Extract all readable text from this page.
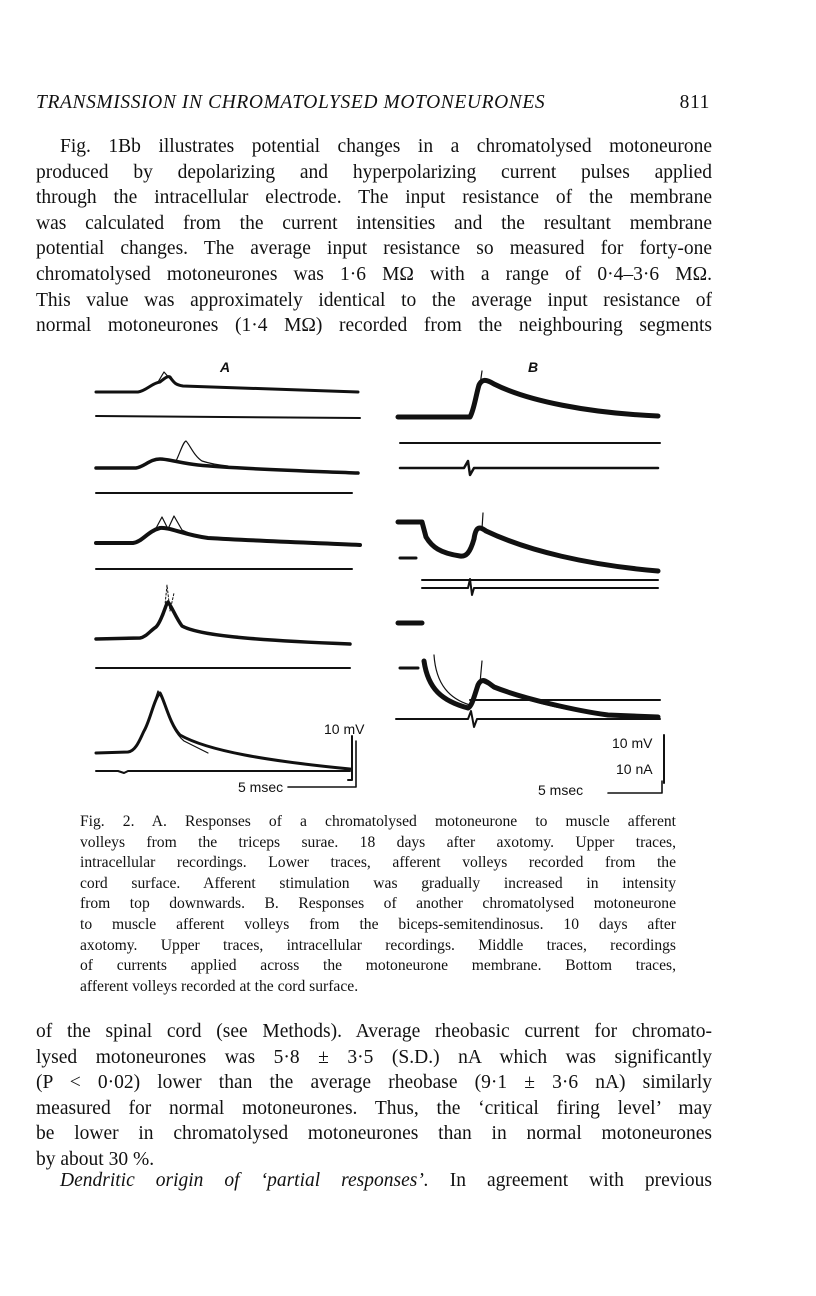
TRANSMISSION IN CHROMATOLYSED MOTONEURONES	811
Fig. 1Bb illustrates potential changes in a chromatolysed motoneurone
produced by depolarizing and hyperpolarizing current pulses applied
through the intracellular electrode. The input resistance of the membrane
was calculated from the current intensities and the resultant membrane
potential changes. The average input resistance so measured for forty-one
chromatolysed motoneurones was 1·6 MΩ with a range of 0·4–3·6 MΩ.
This value was approximately identical to the average input resistance of
normal motoneurones (1·4 MΩ) recorded from the neighbouring segments
A	B
10 mV
5 msec
10 mV
10 nA
5 msec
Fig. 2. A. Responses of a chromatolysed motoneurone to muscle afferent
volleys from the triceps surae. 18 days after axotomy. Upper traces,
intracellular recordings. Lower traces, afferent volleys recorded from the
cord surface. Afferent stimulation was gradually increased in intensity
from top downwards. B. Responses of another chromatolysed motoneurone
to muscle afferent volleys from the biceps-semitendinosus. 10 days after
axotomy. Upper traces, intracellular recordings. Middle traces, recordings
of currents applied across the motoneurone membrane. Bottom traces,
afferent volleys recorded at the cord surface.
of the spinal cord (see Methods). Average rheobasic current for chromato-
lysed motoneurones was 5·8 ± 3·5 (S.D.) nA which was significantly
(P < 0·02) lower than the average rheobase (9·1 ± 3·6 nA) similarly
measured for normal motoneurones. Thus, the ‘critical firing level’ may
be lower in chromatolysed motoneurones than in normal motoneurones
by about 30 %.
Dendritic origin of ‘partial responses’. In agreement with previous
